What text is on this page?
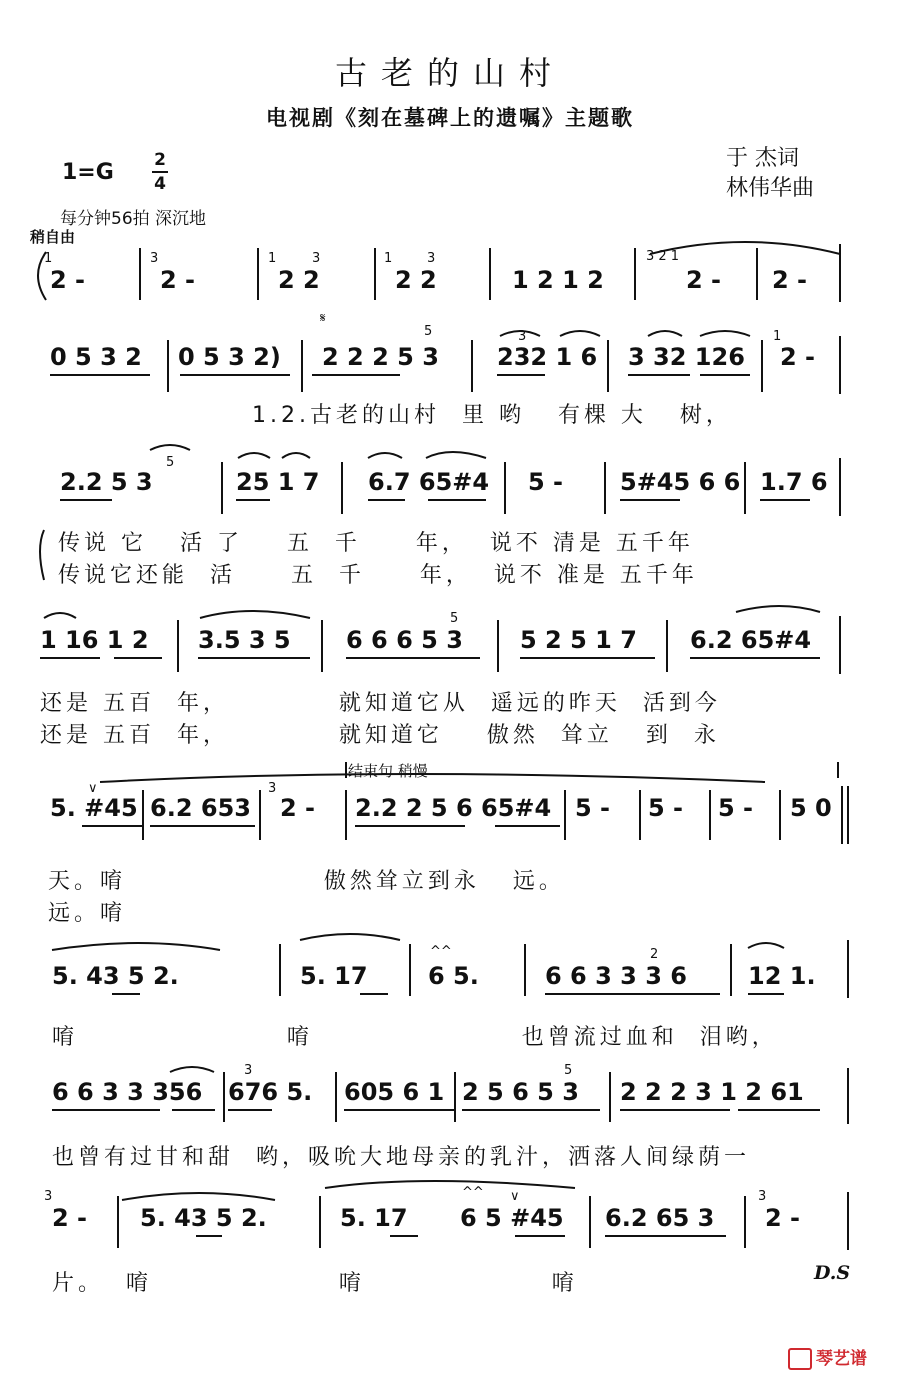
古老的山村
电视剧《刻在墓碑上的遗嘱》主题歌
1=G 2
4
于 杰词
林伟华曲
每分钟56拍 深沉地
稍自由
2 -
1
2 -
3
2 2
1	3
2 2
1	3
1 2 1 2
3 2 1
2 - 2 -
0 5 3 2 0 5 3 2) 2 2 2 5 3
5
𝄋
232 1 6
3
3 32 126 2 -
1
2.2 5 3
5
25 1 7 6.7 65#4 5 - 5#45 6 6 1.7 6
1 16 1 2 3.5 3 5 6 6 6 5 3
5
5 2 5 1 7 6.2 65#4
5. #45
∨
6.2 653 2 -
3
2.2 2 5 6 65#4 5 - 5 - 5 - 5 0
5. 43 5 2.	5. 17	6 5.
^^
6 6 3 3 3 6
2
12 1.
6 6 3 3 356 676 5.
3
605 6 1 2 5 6 5 3
5
2 2 2 3 1 2 61
2 -
3
5. 43 5 2.	5. 17 6 5 #45
^^ ∨
6.2 65 3 2 -
3
1.2.古老的山村  里 哟   有棵 大   树，
传说 它   活 了    五  千     年，  说不 清是 五千年
传说它还能  活     五  千     年，  说不 准是 五千年
还是 五百  年，          就知道它从  遥远的昨天  活到今
还是 五百  年，          就知道它    傲然  耸立   到  永
结束句 稍慢
天。唷                  傲然耸立到永   远。
远。唷
唷                   唷                   也曾流过血和  泪哟，
也曾有过甘和甜  哟，吸吮大地母亲的乳汁，洒落人间绿荫一
片。  唷                 唷                 唷	D.S
琴艺谱
